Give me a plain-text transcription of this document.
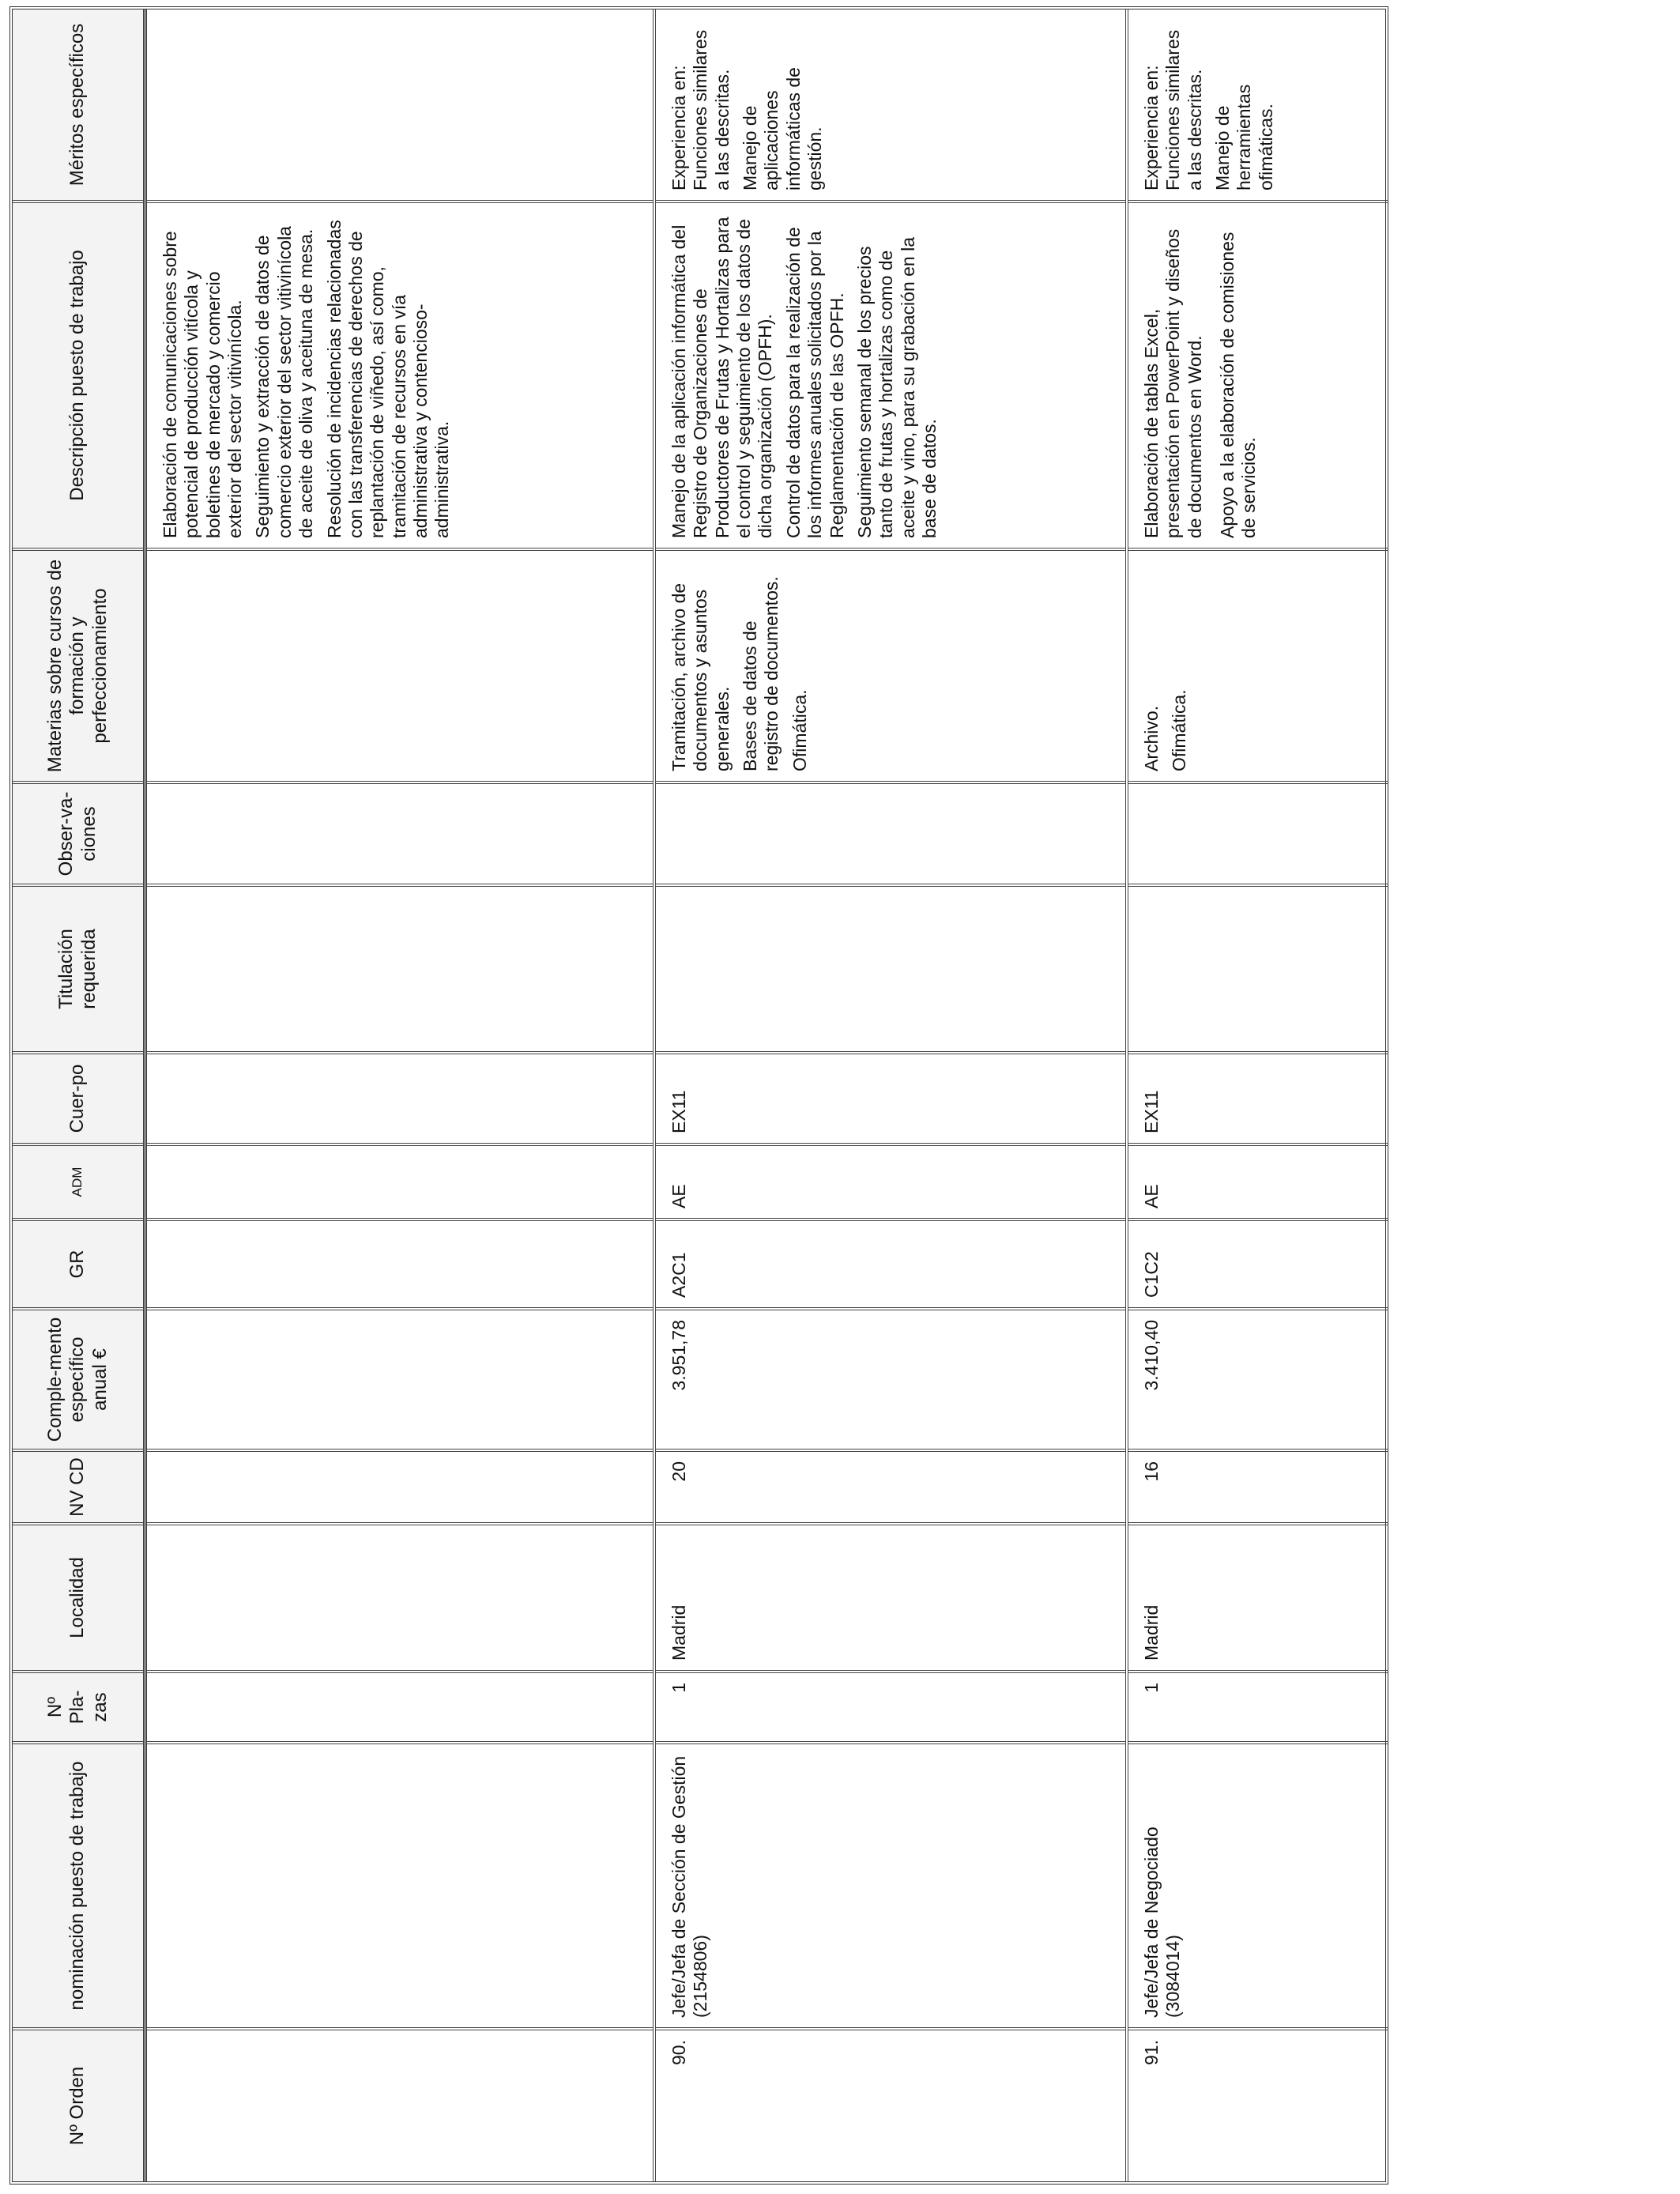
Nº Orden
nominación puesto de trabajo
Nº Pla-zas
Localidad
NV CD
Comple-mento específico anual €
GR
ADM
Cuer-po
Titulación requerida
Obser-va-ciones
Materias sobre cursos de formación y perfeccionamiento
Descripción puesto de trabajo
Méritos específicos

Elaboración de comunicaciones sobre potencial de producción vitícola y boletines de mercado y comercio exterior del sector vitivinícola. Seguimiento y extracción de datos de comercio exterior del sector vitivinícola de aceite de oliva y aceituna de mesa. Resolución de incidencias relacionadas con las transferencias de derechos de replantación de viñedo, así como, tramitación de recursos en vía administrativa y contencioso-administrativa.

90.
Jefe/Jefa de Sección de Gestión (2154806)
1
Madrid
20
3.951,78
A2C1
AE
EX11

Tramitación, archivo de documentos y asuntos generales. Bases de datos de registro de documentos. Ofimática.

Manejo de la aplicación informática del Registro de Organizaciones de Productores de Frutas y Hortalizas para el control y seguimiento de los datos de dicha organización (OPFH). Control de datos para la realización de los informes anuales solicitados por la Reglamentación de las OPFH. Seguimiento semanal de los precios tanto de frutas y hortalizas como de aceite y vino, para su grabación en la base de datos.

Experiencia en: Funciones similares a las descritas. Manejo de aplicaciones informáticas de gestión.

91.
Jefe/Jefa de Negociado (3084014)
1
Madrid
16
3.410,40
C1C2
AE
EX11

Archivo. Ofimática.

Elaboración de tablas Excel, presentación en PowerPoint y diseños de documentos en Word. Apoyo a la elaboración de comisiones de servicios.

Experiencia en: Funciones similares a las descritas. Manejo de herramientas ofimáticas.
